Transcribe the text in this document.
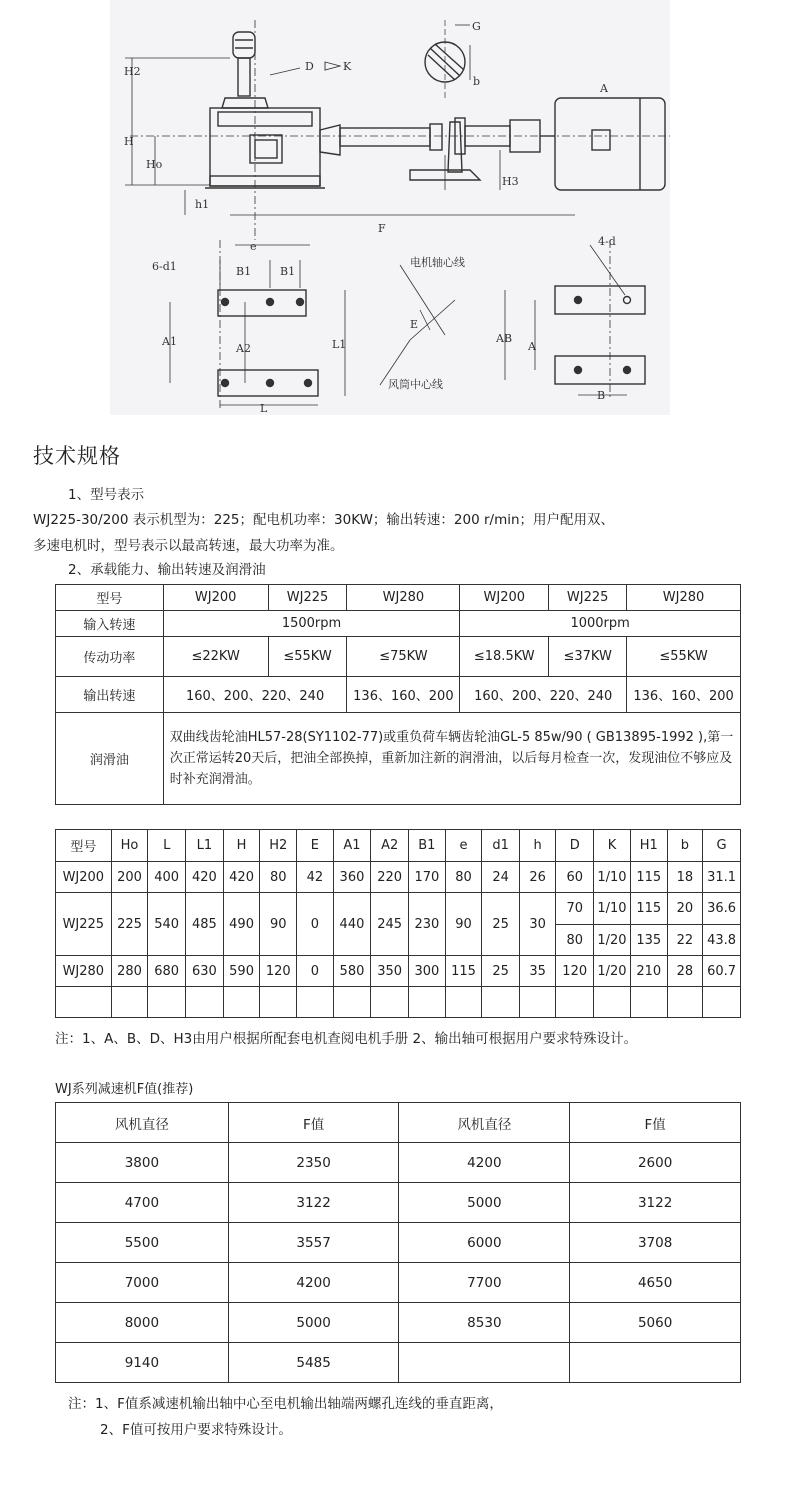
H2
H
Ho
h1
D	K
G
b
A
H3
F
e
6-d1	B1	B1
4-d
电机轴心线
风筒中心线
A1
A2	L1
L
E
AB
A
B
技术规格
1、型号表示
WJ225-30/200 表示机型为：225；配电机功率：30KW；输出转速：200 r/min；用户配用双、
多速电机时，型号表示以最高转速，最大功率为准。
2、承载能力、输出转速及润滑油
型号	WJ200	WJ225	WJ280	WJ200	WJ225	WJ280
输入转速	1500rpm			1000rpm		
传动功率	≤22KW	≤55KW	≤75KW	≤18.5KW	≤37KW	≤55KW
输出转速	160、200、220、240		136、160、200	160、200、220、240		136、160、200
润滑油	双曲线齿轮油HL57-28(SY1102-77)或重负荷车辆齿轮油GL-5 85w/90 ( GB13895-1992 ),第一次正常运转20天后，把油全部换掉，重新加注新的润滑油，以后每月检查一次，发现油位不够应及时补充润滑油。					
型号	Ho	L	L1	H	H2	E	A1	A2	B1	e	d1	h	D	K	H1	b	G
WJ200	200	400	420	420	80	42	360	220	170	80	24	26	60	1/10	115	18	31.1
WJ225	225	540	485	490	90	0	440	245	230	90	25	30	70	1/10	115	20	36.6
													80	1/20	135	22	43.8
WJ280	280	680	630	590	120	0	580	350	300	115	25	35	120	1/20	210	28	60.7

注：1、A、B、D、H3由用户根据所配套电机查阅电机手册 2、输出轴可根据用户要求特殊设计。
WJ系列减速机F值(推荐)
风机直径	F值	风机直径	F值
3800	2350	4200	2600
4700	3122	5000	3122
5500	3557	6000	3708
7000	4200	7700	4650
8000	5000	8530	5060
9140	5485		
注：1、F值系减速机输出轴中心至电机输出轴端两螺孔连线的垂直距离，
2、F值可按用户要求特殊设计。
